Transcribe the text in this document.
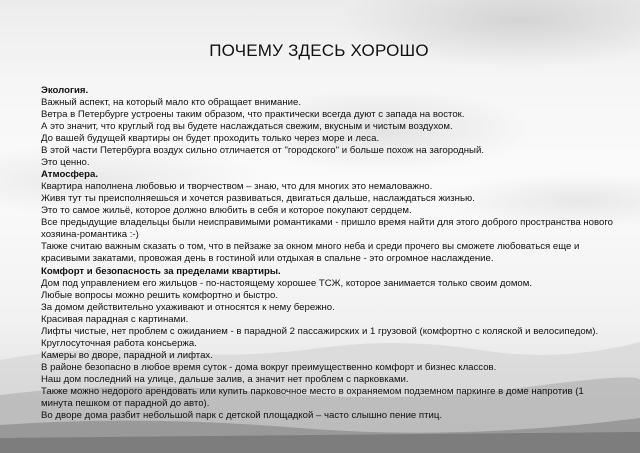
ПОЧЕМУ ЗДЕСЬ ХОРОШО
Экология.
Важный аспект, на который мало кто обращает внимание.
Ветра в Петербурге устроены таким образом, что практически всегда дуют с запада на восток.
А это значит, что круглый год вы будете наслаждаться свежим, вкусным и чистым воздухом.
До вашей будущей квартиры он будет проходить только через море и леса.
В этой части Петербурга воздух сильно отличается от "городского" и больше похож на загородный.
Это ценно.
Атмосфера.
Квартира наполнена любовью и творчеством – знаю, что для многих это немаловажно.
Живя тут ты преисполняешься и хочется развиваться, двигаться дальше, наслаждаться жизнью.
Это то самое жильё, которое должно влюбить в себя и которое покупают сердцем.
Все предыдущие владельцы были неисправимыми романтиками - пришло время найти для этого доброго пространства нового
хозяина-романтика :-)
Также считаю важным сказать о том, что в пейзаже за окном много неба и среди прочего вы сможете любоваться еще и
красивыми закатами, провожая день в гостиной или отдыхая в спальне - это огромное наслаждение.
Комфорт и безопасность за пределами квартиры.
Дом под управлением его жильцов - по-настоящему хорошее ТСЖ, которое занимается только своим домом.
Любые вопросы можно решить комфортно и быстро.
За домом действительно ухаживают и относятся к нему бережно.
Красивая парадная с картинами.
Лифты чистые, нет проблем с ожиданием - в парадной 2 пассажирских и 1 грузовой (комфортно с коляской и велосипедом).
Круглосуточная работа консьержа.
Камеры во дворе, парадной и лифтах.
В районе безопасно в любое время суток - дома вокруг преимущественно комфорт и бизнес классов.
Наш дом последний на улице, дальше залив, а значит нет проблем с парковками.
Также можно недорого арендовать или купить парковочное место в охраняемом подземном паркинге в доме напротив (1
минута пешком от парадной до авто).
Во дворе дома разбит небольшой парк с детской площадкой – часто слышно пение птиц.
